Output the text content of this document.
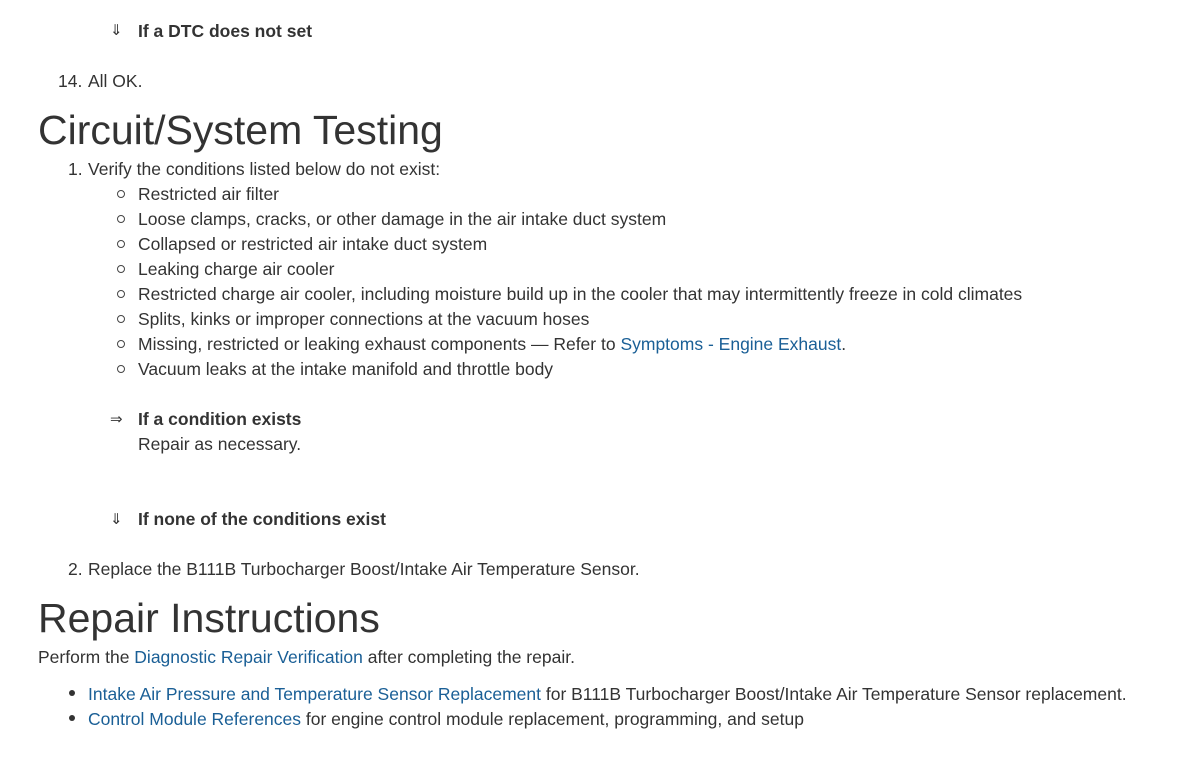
⇓ If a DTC does not set
14. All OK.
Circuit/System Testing
1. Verify the conditions listed below do not exist:
Restricted air filter
Loose clamps, cracks, or other damage in the air intake duct system
Collapsed or restricted air intake duct system
Leaking charge air cooler
Restricted charge air cooler, including moisture build up in the cooler that may intermittently freeze in cold climates
Splits, kinks or improper connections at the vacuum hoses
Missing, restricted or leaking exhaust components — Refer to Symptoms - Engine Exhaust.
Vacuum leaks at the intake manifold and throttle body
⇒ If a condition exists
Repair as necessary.
⇓ If none of the conditions exist
2. Replace the B111B Turbocharger Boost/Intake Air Temperature Sensor.
Repair Instructions
Perform the Diagnostic Repair Verification after completing the repair.
Intake Air Pressure and Temperature Sensor Replacement for B111B Turbocharger Boost/Intake Air Temperature Sensor replacement.
Control Module References for engine control module replacement, programming, and setup
